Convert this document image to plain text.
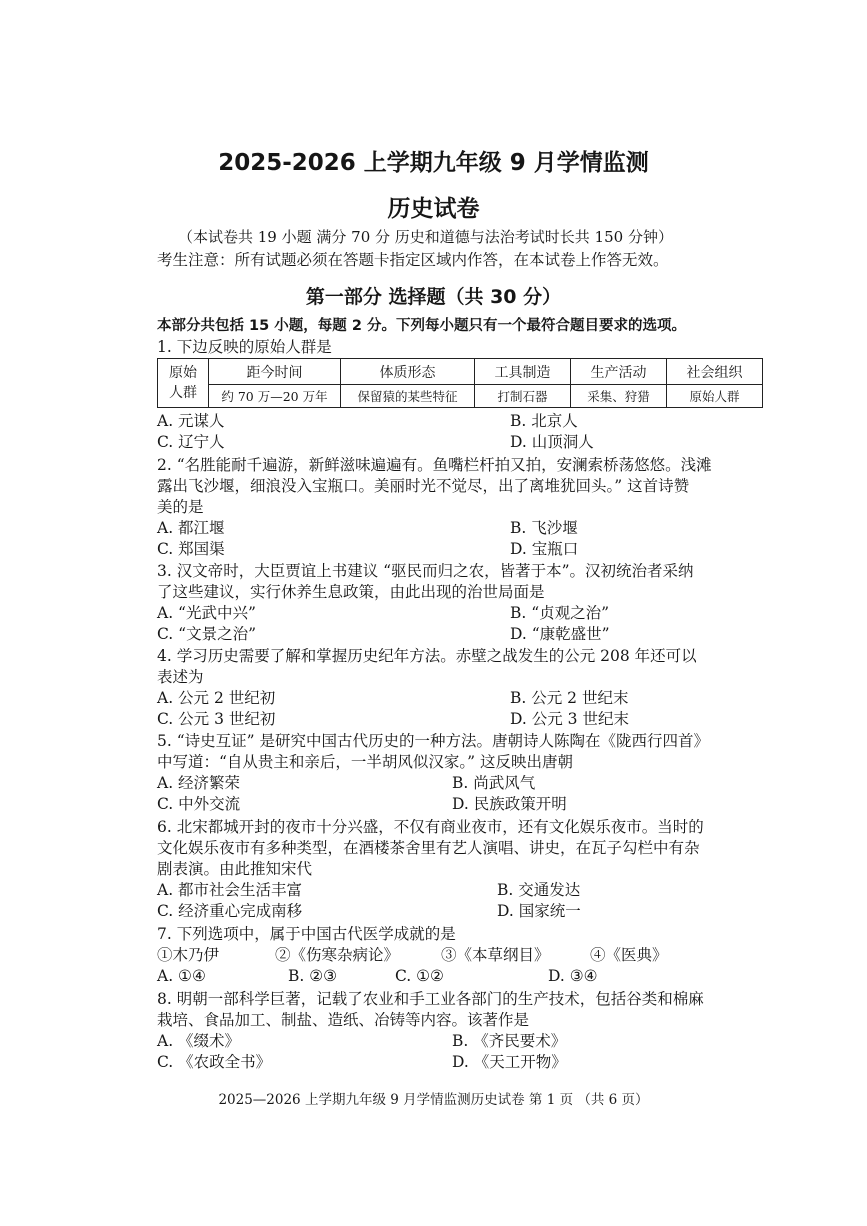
2025-2026 上学期九年级 9 月学情监测
历史试卷
（本试卷共 19 小题 满分 70 分 历史和道德与法治考试时长共 150 分钟）
考生注意：所有试题必须在答题卡指定区域内作答，在本试卷上作答无效。
第一部分 选择题（共 30 分）
本部分共包括 15 小题，每题 2 分。下列每小题只有一个最符合题目要求的选项。
1. 下边反映的原始人群是
原始
人群	距今时间	体质形态	工具制造	生产活动	社会组织
	约 70 万—20 万年	保留猿的某些特征	打制石器	采集、狩猎	原始人群
A. 元谋人	B. 北京人
C. 辽宁人	D. 山顶洞人
2. “名胜能耐千遍游，新鲜滋味遍遍有。鱼嘴栏杆拍又拍，安澜索桥荡悠悠。浅滩
露出飞沙堰，细浪没入宝瓶口。美丽时光不觉尽，出了离堆犹回头。” 这首诗赞
美的是
A. 都江堰	B. 飞沙堰
C. 郑国渠	D. 宝瓶口
3. 汉文帝时，大臣贾谊上书建议 “驱民而归之农，皆著于本”。汉初统治者采纳
了这些建议，实行休养生息政策，由此出现的治世局面是
A. “光武中兴”	B. “贞观之治”
C. “文景之治”	D. “康乾盛世”
4. 学习历史需要了解和掌握历史纪年方法。赤壁之战发生的公元 208 年还可以
表述为
A. 公元 2 世纪初	B. 公元 2 世纪末
C. 公元 3 世纪初	D. 公元 3 世纪末
5. “诗史互证” 是研究中国古代历史的一种方法。唐朝诗人陈陶在《陇西行四首》
中写道：“自从贵主和亲后，一半胡风似汉家。” 这反映出唐朝
A. 经济繁荣	B. 尚武风气
C. 中外交流	D. 民族政策开明
6. 北宋都城开封的夜市十分兴盛，不仅有商业夜市，还有文化娱乐夜市。当时的
文化娱乐夜市有多种类型，在酒楼茶舍里有艺人演唱、讲史，在瓦子勾栏中有杂
剧表演。由此推知宋代
A. 都市社会生活丰富	B. 交通发达
C. 经济重心完成南移	D. 国家统一
7. 下列选项中，属于中国古代医学成就的是
①木乃伊	②《伤寒杂病论》	③《本草纲目》	④《医典》
A. ①④	B. ②③	C. ①②	D. ③④
8. 明朝一部科学巨著，记载了农业和手工业各部门的生产技术，包括谷类和棉麻
栽培、食品加工、制盐、造纸、冶铸等内容。该著作是
A. 《缀术》	B. 《齐民要术》
C. 《农政全书》	D. 《天工开物》
2025—2026 上学期九年级 9 月学情监测历史试卷 第 1 页 （共 6 页）
